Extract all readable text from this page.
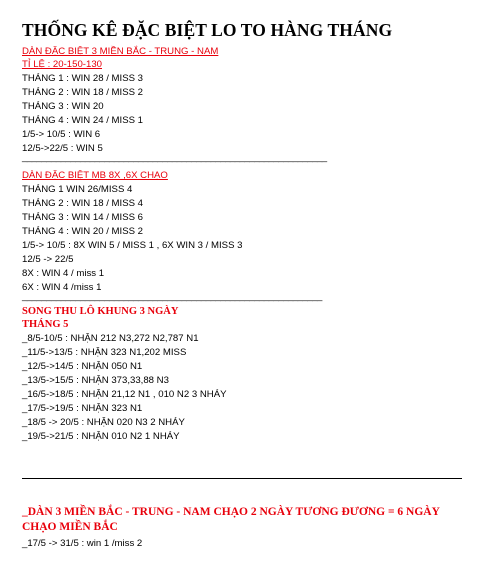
THỐNG KÊ ĐẶC BIỆT LO TO HÀNG THÁNG
DÀN ĐẶC BIỆT 3 MIỀN BẮC - TRUNG - NAM
TỈ LỆ : 20-150-130
THÁNG 1 : WIN 28 / MISS 3
THÁNG 2 : WIN 18 / MISS 2
THÁNG 3 : WIN 20
THÁNG 4 : WIN 24 / MISS 1
1/5-> 10/5 : WIN 6
12/5->22/5 : WIN 5
_______________________________________________________________
DÀN ĐẶC BIỆT MB 8X ,6X CHẠO
THÁNG 1 WIN 26/MISS 4
THÁNG 2 : WIN 18 / MISS 4
THÁNG 3 : WIN 14 / MISS 6
THÁNG 4 : WIN 20 / MISS 2
1/5-> 10/5 : 8X WIN 5 / MISS 1 , 6X WIN 3 / MISS 3
12/5 -> 22/5
8X : WIN 4 / miss 1
6X : WIN 4 /miss 1
______________________________________________________________
SONG THU LÔ KHUNG 3 NGÀY
THÁNG 5
_8/5-10/5 : NHẬN 212 N3,272 N2,787 N1
_11/5->13/5 : NHẬN 323 N1,202 MISS
_12/5->14/5 : NHẬN 050 N1
_13/5->15/5 : NHẬN 373,33,88 N3
_16/5->18/5 : NHẬN 21,12 N1 , 010 N2 3 NHÁY
_17/5->19/5 : NHẬN 323 N1
_18/5 -> 20/5 : NHẬN 020 N3 2 NHÁY
_19/5->21/5 : NHẬN 010 N2 1 NHÁY
_DÀN 3 MIỀN BẮC - TRUNG - NAM CHẠO 2 NGÀY TƯƠNG ĐƯƠNG = 6 NGÀY
CHẠO MIỀN BẮC
_17/5 -> 31/5 : win 1 /miss 2
